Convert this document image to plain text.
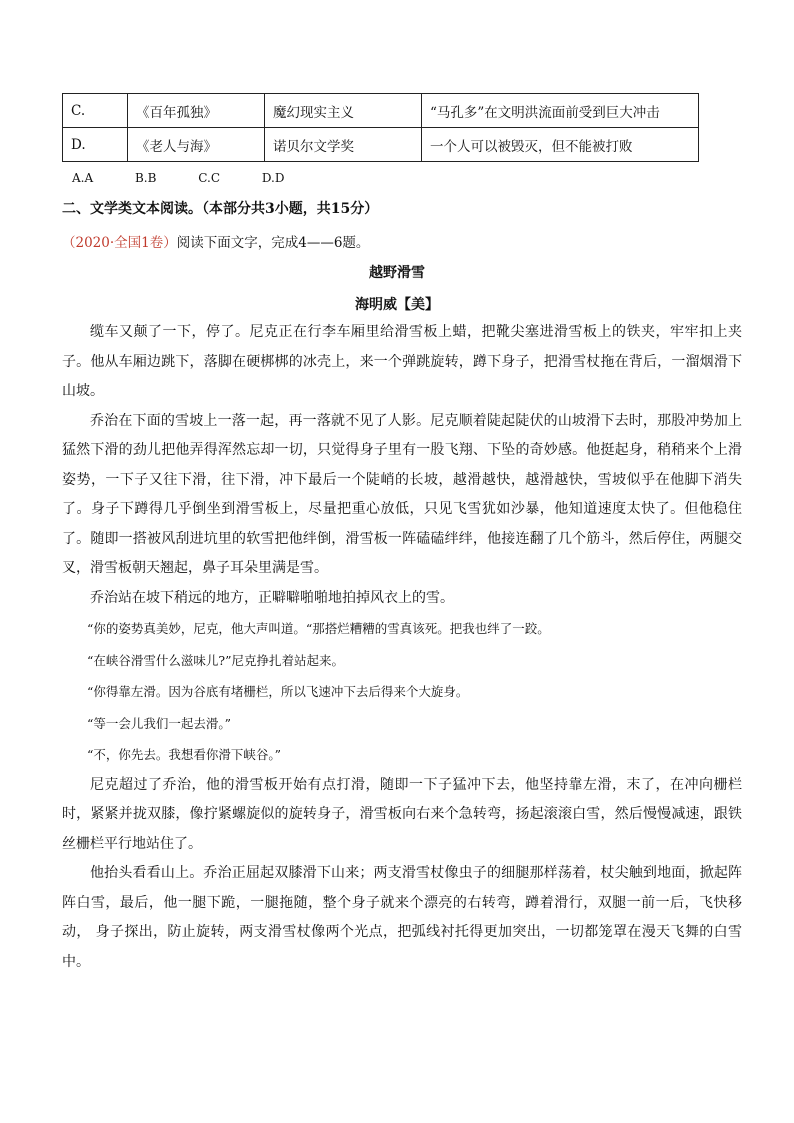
C.	《百年孤独》	魔幻现实主义	“马孔多”在文明洪流面前受到巨大冲击
D.	《老人与海》	诺贝尔文学奖	一个人可以被毁灭，但不能被打败
A.A	B.B	C.C	D.D
二、文学类文本阅读。（本部分共3小题，共15分）
（2020·全国1卷）阅读下面文字，完成4——6题。
越野滑雪
海明威【美】

缆车又颠了一下，停了。尼克正在行李车厢里给滑雪板上蜡，把靴尖塞进滑雪板上的铁夹，牢牢扣上夹子。他从车厢边跳下，落脚在硬梆梆的冰壳上，来一个弹跳旋转，蹲下身子，把滑雪杖拖在背后，一溜烟滑下山坡。

乔治在下面的雪坡上一落一起，再一落就不见了人影。尼克顺着陡起陡伏的山坡滑下去时，那股冲势加上猛然下滑的劲儿把他弄得浑然忘却一切，只觉得身子里有一股飞翔、下坠的奇妙感。他挺起身，稍稍来个上滑姿势，一下子又往下滑，往下滑，冲下最后一个陡峭的长坡，越滑越快，越滑越快，雪坡似乎在他脚下消失了。身子下蹲得几乎倒坐到滑雪板上，尽量把重心放低，只见飞雪犹如沙暴，他知道速度太快了。但他稳住了。随即一搭被风刮进坑里的软雪把他绊倒，滑雪板一阵磕磕绊绊，他接连翻了几个筋斗，然后停住，两腿交叉，滑雪板朝天翘起，鼻子耳朵里满是雪。

乔治站在坡下稍远的地方，正噼噼啪啪地拍掉风衣上的雪。

“你的姿势真美妙，尼克，他大声叫道。“那搭烂糟糟的雪真该死。把我也绊了一跤。

“在峡谷滑雪什么滋味儿?”尼克挣扎着站起来。

“你得靠左滑。因为谷底有堵栅栏，所以飞速冲下去后得来个大旋身。

“等一会儿我们一起去滑。”

“不，你先去。我想看你滑下峡谷。”

尼克超过了乔治，他的滑雪板开始有点打滑，随即一下子猛冲下去，他坚持靠左滑，末了，在冲向栅栏时，紧紧并拢双膝，像拧紧螺旋似的旋转身子，滑雪板向右来个急转弯，扬起滚滚白雪，然后慢慢减速，跟铁丝栅栏平行地站住了。

他抬头看看山上。乔治正屈起双膝滑下山来；两支滑雪杖像虫子的细腿那样荡着，杖尖触到地面，掀起阵阵白雪，最后，他一腿下跪，一腿拖随，整个身子就来个漂亮的右转弯，蹲着滑行，双腿一前一后，飞快移动， 身子探出，防止旋转，两支滑雪杖像两个光点，把弧线衬托得更加突出，一切都笼罩在漫天飞舞的白雪中。
